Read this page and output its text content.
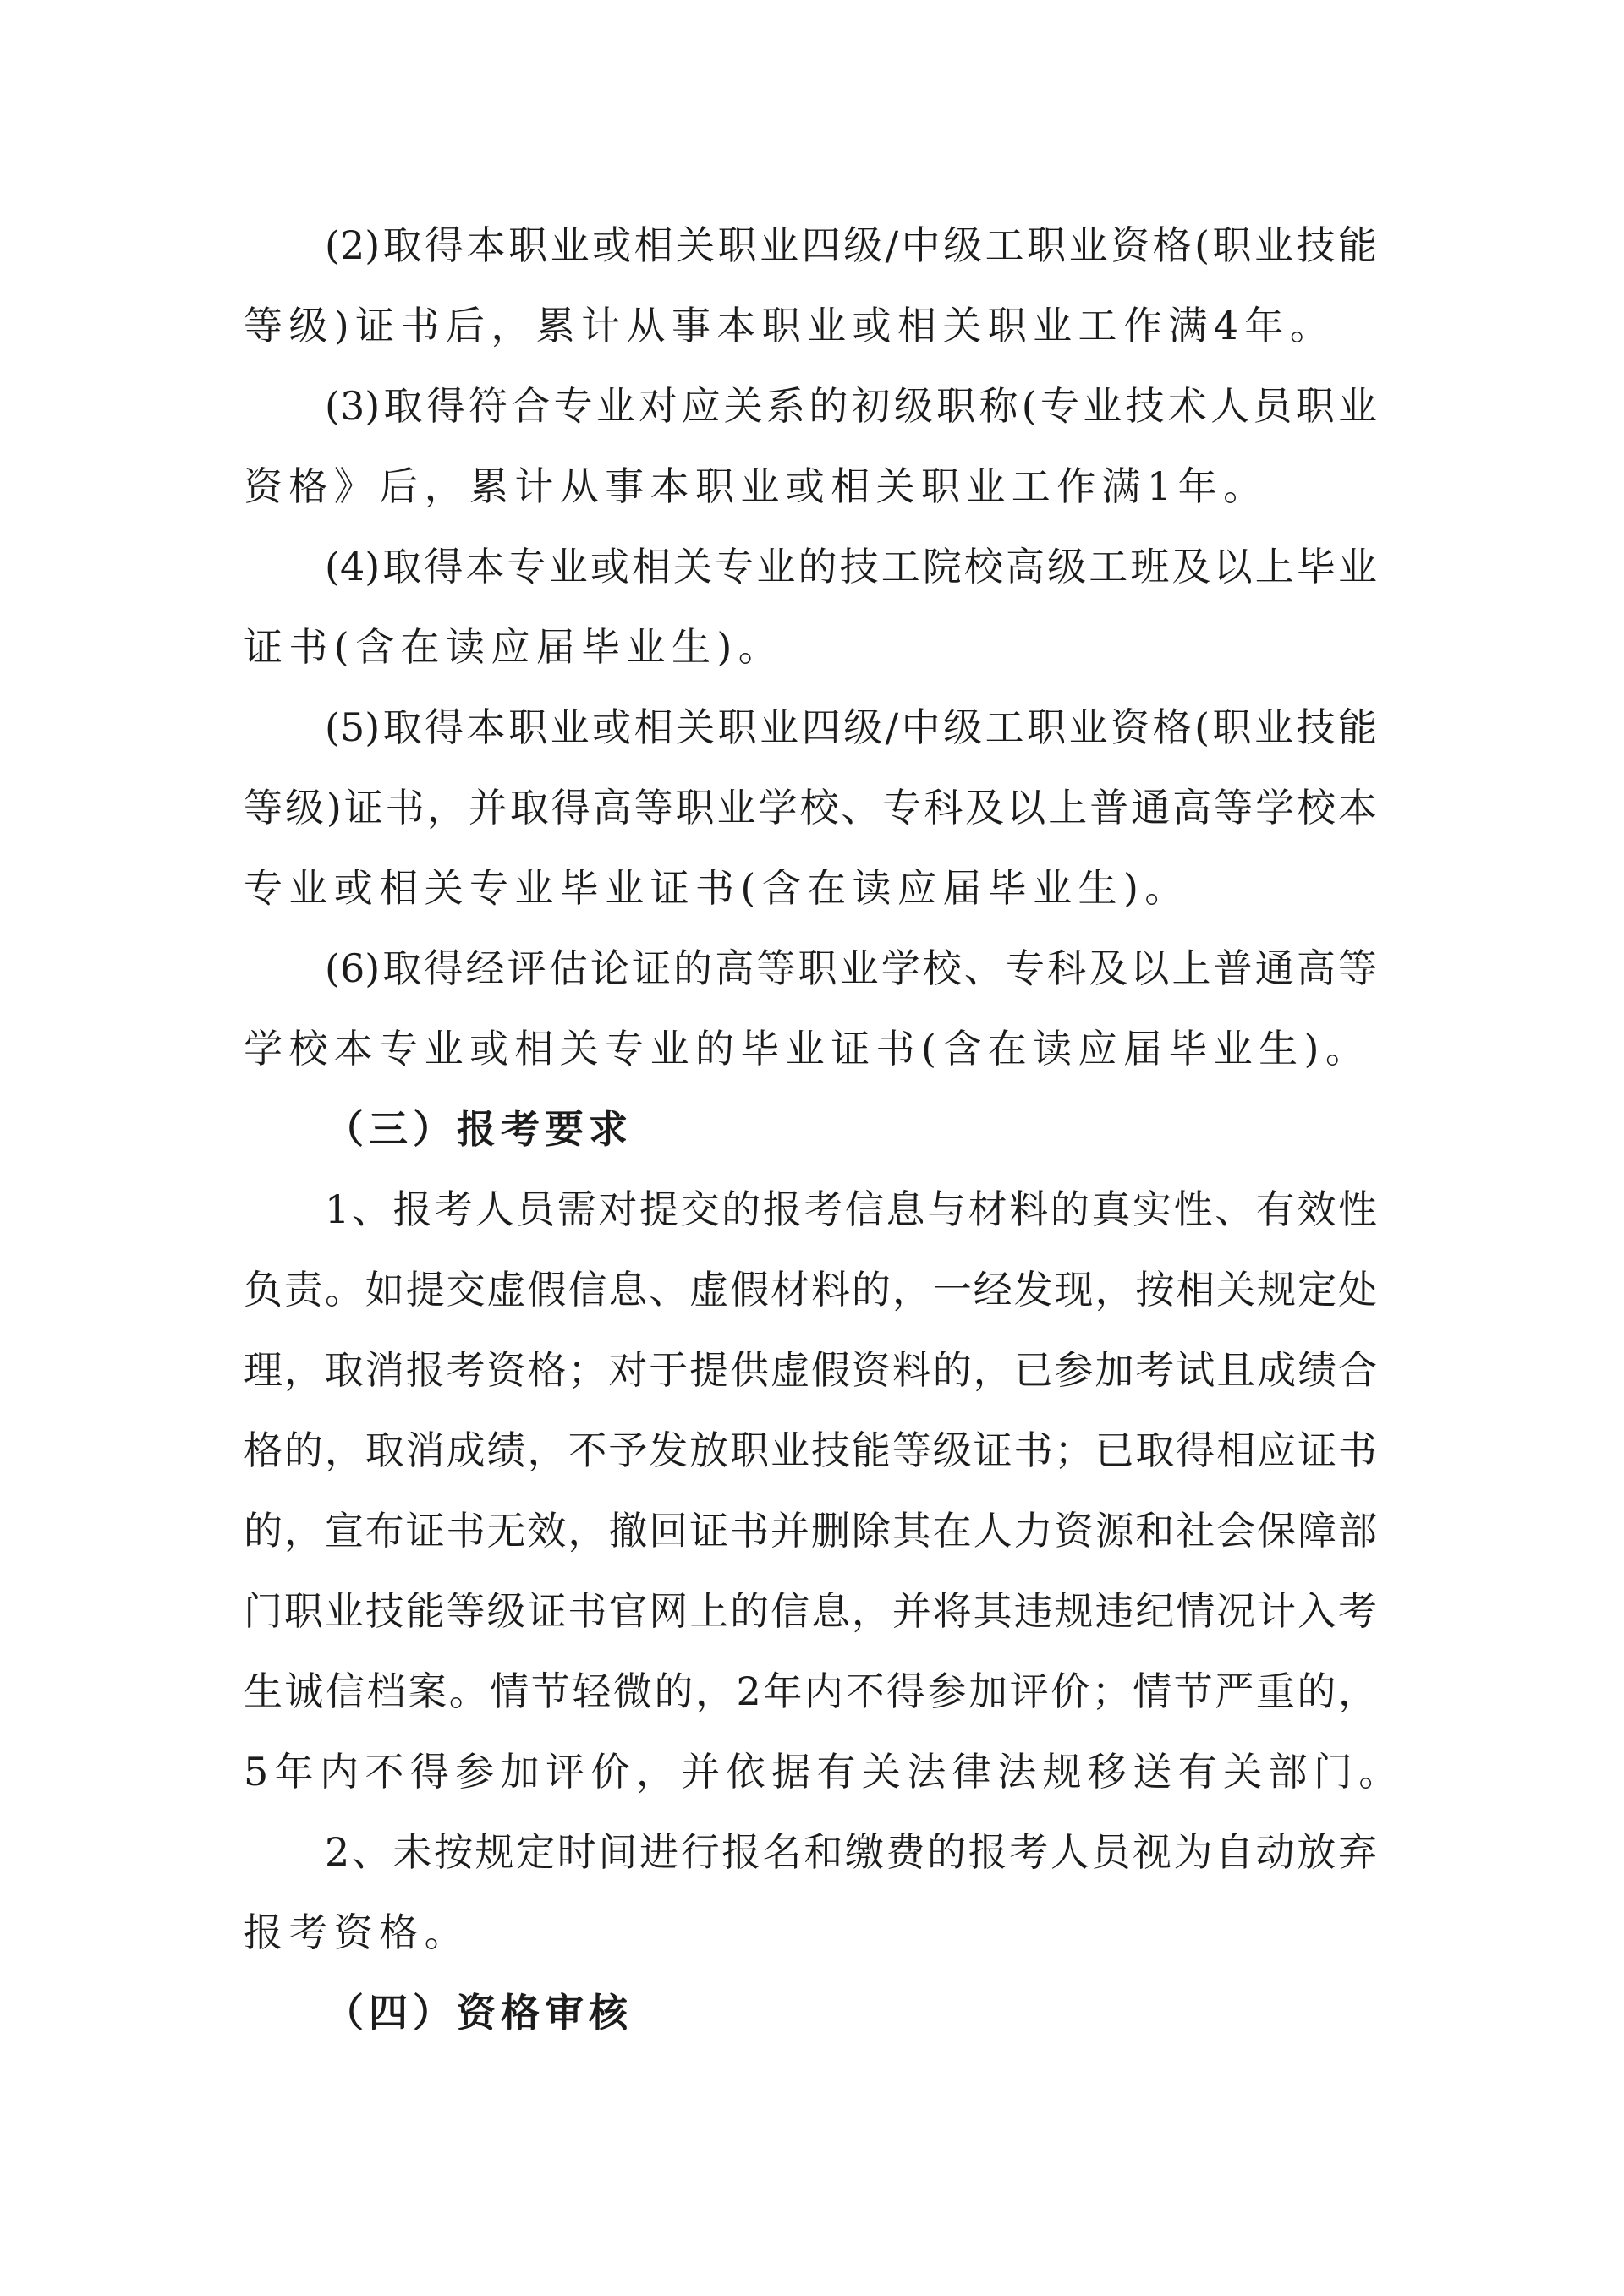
(2)取得本职业或相关职业四级/中级工职业资格(职业技能
等级)证书后，累计从事本职业或相关职业工作满4年。
(3)取得符合专业对应关系的初级职称(专业技术人员职业
资格》后，累计从事本职业或相关职业工作满1年。
(4)取得本专业或相关专业的技工院校高级工班及以上毕业
证书(含在读应届毕业生)。
(5)取得本职业或相关职业四级/中级工职业资格(职业技能
等级)证书，并取得高等职业学校、专科及以上普通高等学校本
专业或相关专业毕业证书(含在读应届毕业生)。
(6)取得经评估论证的高等职业学校、专科及以上普通高等
学校本专业或相关专业的毕业证书(含在读应届毕业生)。
（三）报考要求
1、报考人员需对提交的报考信息与材料的真实性、有效性
负责。如提交虚假信息、虚假材料的，一经发现，按相关规定处
理，取消报考资格；对于提供虚假资料的，已参加考试且成绩合
格的，取消成绩，不予发放职业技能等级证书；已取得相应证书
的，宣布证书无效，撤回证书并删除其在人力资源和社会保障部
门职业技能等级证书官网上的信息，并将其违规违纪情况计入考
生诚信档案。情节轻微的，2年内不得参加评价；情节严重的，
5年内不得参加评价，并依据有关法律法规移送有关部门。
2、未按规定时间进行报名和缴费的报考人员视为自动放弃
报考资格。
（四）资格审核
